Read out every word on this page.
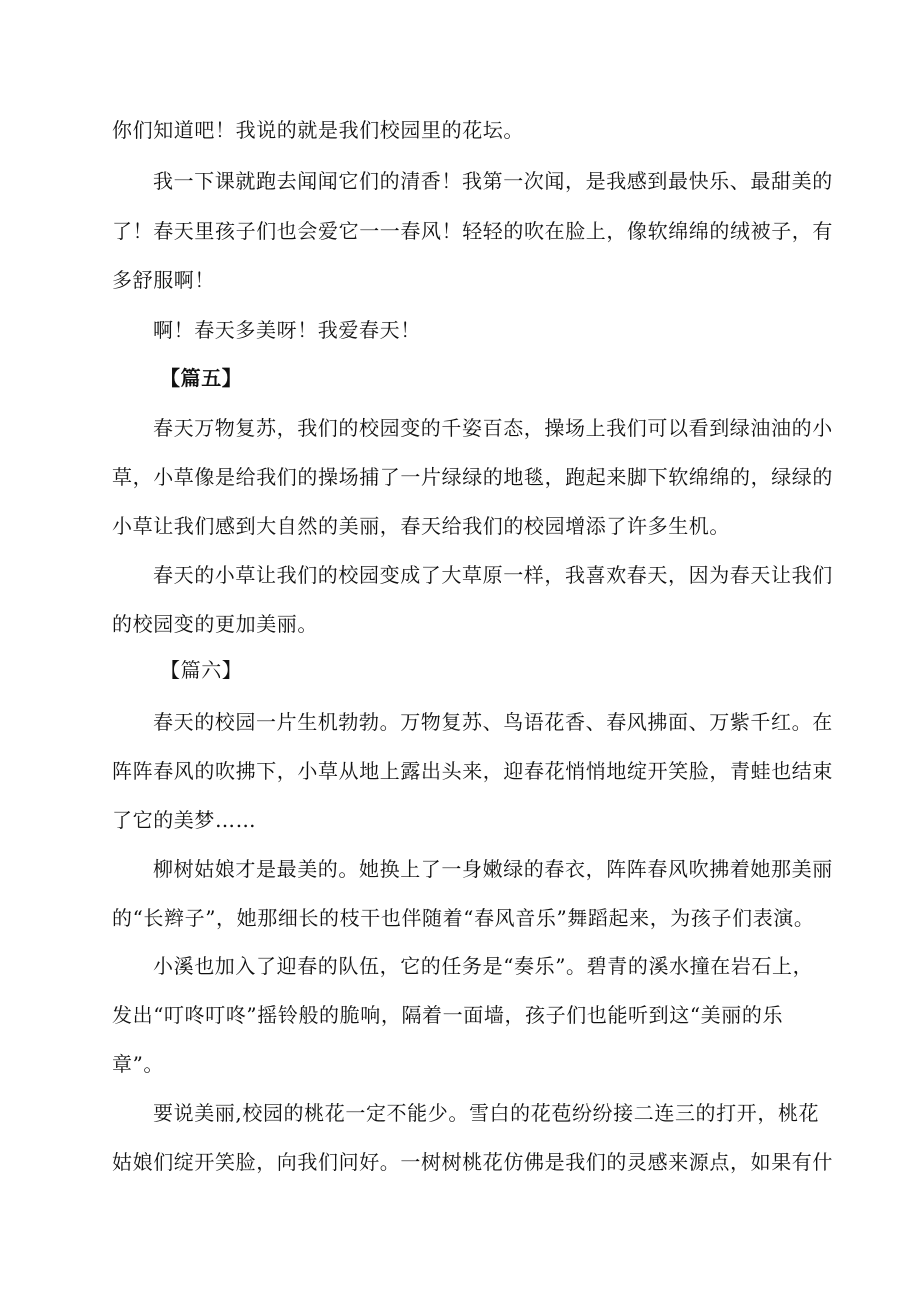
你们知道吧！我说的就是我们校园里的花坛。
我一下课就跑去闻闻它们的清香！我第一次闻，是我感到最快乐、最甜美的
了！春天里孩子们也会爱它一一春风！轻轻的吹在脸上，像软绵绵的绒被子，有
多舒服啊！
啊！春天多美呀！我爱春天！
【篇五】
春天万物复苏，我们的校园变的千姿百态，操场上我们可以看到绿油油的小
草，小草像是给我们的操场捕了一片绿绿的地毯，跑起来脚下软绵绵的，绿绿的
小草让我们感到大自然的美丽，春天给我们的校园增添了许多生机。
春天的小草让我们的校园变成了大草原一样，我喜欢春天，因为春天让我们
的校园变的更加美丽。
【篇六】
春天的校园一片生机勃勃。万物复苏、鸟语花香、春风拂面、万紫千红。在
阵阵春风的吹拂下，小草从地上露出头来，迎春花悄悄地绽开笑脸，青蛙也结束
了它的美梦……
柳树姑娘才是最美的。她换上了一身嫩绿的春衣，阵阵春风吹拂着她那美丽
的“长辫子”，她那细长的枝干也伴随着“春风音乐”舞蹈起来，为孩子们表演。
小溪也加入了迎春的队伍，它的任务是“奏乐”。碧青的溪水撞在岩石上，
发出“叮咚叮咚”摇铃般的脆响，隔着一面墙，孩子们也能听到这“美丽的乐
章”。
要说美丽,校园的桃花一定不能少。雪白的花苞纷纷接二连三的打开，桃花
姑娘们绽开笑脸，向我们问好。一树树桃花仿佛是我们的灵感来源点，如果有什
